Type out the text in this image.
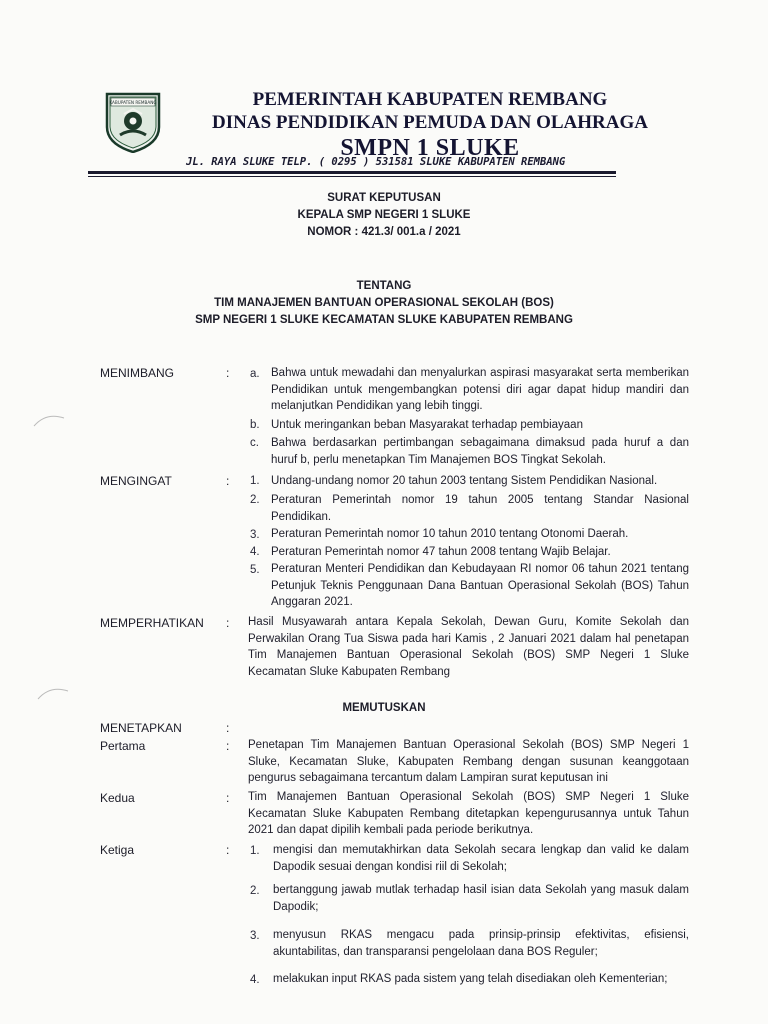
KABUPATEN REMBANG	PEMERINTAH KABUPATEN REMBANG
DINAS PENDIDIKAN PEMUDA DAN OLAHRAGA
SMPN 1 SLUKE
JL. RAYA SLUKE TELP. ( 0295 ) 531581 SLUKE KABUPATEN REMBANG
SURAT KEPUTUSAN
KEPALA SMP NEGERI 1 SLUKE
NOMOR : 421.3/ 001.a / 2021
TENTANG
TIM MANAJEMEN BANTUAN OPERASIONAL SEKOLAH (BOS)
SMP NEGERI 1 SLUKE KECAMATAN SLUKE KABUPATEN REMBANG
MENIMBANG	: a. Bahwa untuk mewadahi dan menyalurkan aspirasi masyarakat serta memberikan Pendidikan untuk mengembangkan potensi diri agar dapat hidup mandiri dan melanjutkan Pendidikan yang lebih tinggi.
b. Untuk meringankan beban Masyarakat terhadap pembiayaan
c. Bahwa berdasarkan pertimbangan sebagaimana dimaksud pada huruf a dan huruf b, perlu menetapkan Tim Manajemen BOS Tingkat Sekolah.
MENGINGAT	: 1. Undang-undang nomor 20 tahun 2003 tentang Sistem Pendidikan Nasional.
2. Peraturan Pemerintah nomor 19 tahun 2005 tentang Standar Nasional Pendidikan.
3. Peraturan Pemerintah nomor 10 tahun 2010 tentang Otonomi Daerah.
4. Peraturan Pemerintah nomor 47 tahun 2008 tentang Wajib Belajar.
5. Peraturan Menteri Pendidikan dan Kebudayaan RI nomor 06 tahun 2021 tentang Petunjuk Teknis Penggunaan Dana Bantuan Operasional Sekolah (BOS) Tahun Anggaran 2021.
MEMPERHATIKAN : Hasil Musyawarah antara Kepala Sekolah, Dewan Guru, Komite Sekolah dan Perwakilan Orang Tua Siswa pada hari Kamis , 2 Januari 2021 dalam hal penetapan Tim Manajemen Bantuan Operasional Sekolah (BOS) SMP Negeri 1 Sluke Kecamatan Sluke Kabupaten Rembang
MEMUTUSKAN
MENETAPKAN	:
Pertama	: Penetapan Tim Manajemen Bantuan Operasional Sekolah (BOS) SMP Negeri 1 Sluke, Kecamatan Sluke, Kabupaten Rembang dengan susunan keanggotaan pengurus sebagaimana tercantum dalam Lampiran surat keputusan ini
Kedua	: Tim Manajemen Bantuan Operasional Sekolah (BOS) SMP Negeri 1 Sluke Kecamatan Sluke Kabupaten Rembang ditetapkan kepengurusannya untuk Tahun 2021 dan dapat dipilih kembali pada periode berikutnya.
Ketiga	: 1. mengisi dan memutakhirkan data Sekolah secara lengkap dan valid ke dalam Dapodik sesuai dengan kondisi riil di Sekolah;
2. bertanggung jawab mutlak terhadap hasil isian data Sekolah yang masuk dalam Dapodik;
3. menyusun RKAS mengacu pada prinsip-prinsip efektivitas, efisiensi, akuntabilitas, dan transparansi pengelolaan dana BOS Reguler;
4. melakukan input RKAS pada sistem yang telah disediakan oleh Kementerian;
